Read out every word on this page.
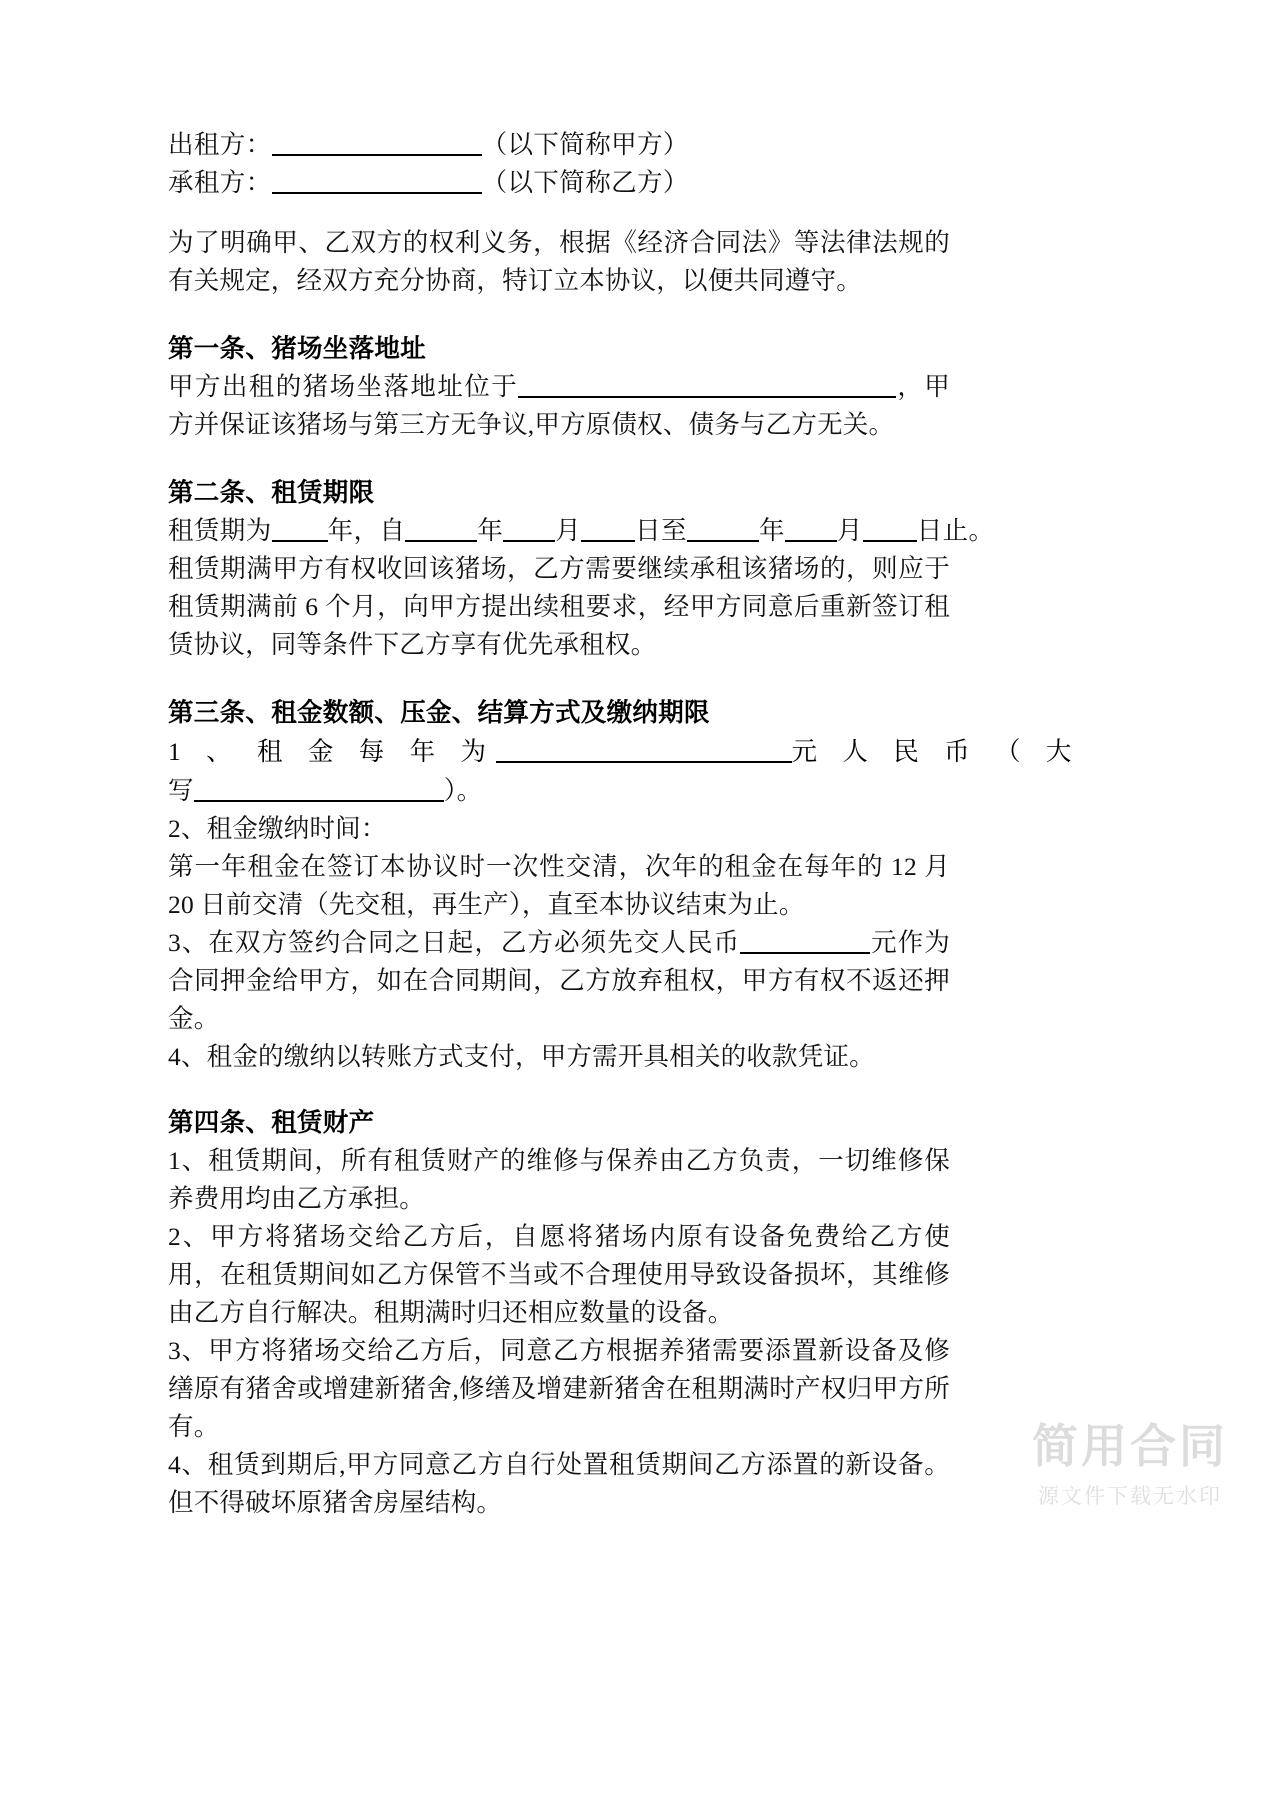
出租方：	（以下简称甲方）
承租方：	（以下简称乙方）
为了明确甲、乙双方的权利义务，根据《经济合同法》等法律法规的有关规定，经双方充分协商，特订立本协议，以便共同遵守。
第一条、猪场坐落地址
甲方出租的猪场坐落地址位于	，甲方并保证该猪场与第三方无争议,甲方原债权、债务与乙方无关。
第二条、租赁期限
租赁期为 年，自	年 月 日至	年 月 日止。
租赁期满甲方有权收回该猪场，乙方需要继续承租该猪场的，则应于租赁期满前 6 个月，向甲方提出续租要求，经甲方同意后重新签订租赁协议，同等条件下乙方享有优先承租权。
第三条、租金数额、压金、结算方式及缴纳期限
1 、 租 金 每 年 为	元 人 民 币 （ 大
写	）。
2、租金缴纳时间：
第一年租金在签订本协议时一次性交清，次年的租金在每年的 12 月 20 日前交清（先交租，再生产），直至本协议结束为止。
3、在双方签约合同之日起，乙方必须先交人民币	元作为合同押金给甲方，如在合同期间，乙方放弃租权，甲方有权不返还押金。
4、租金的缴纳以转账方式支付，甲方需开具相关的收款凭证。
第四条、租赁财产
1、租赁期间，所有租赁财产的维修与保养由乙方负责，一切维修保养费用均由乙方承担。
2、甲方将猪场交给乙方后，自愿将猪场内原有设备免费给乙方使用，在租赁期间如乙方保管不当或不合理使用导致设备损坏，其维修由乙方自行解决。租期满时归还相应数量的设备。
3、甲方将猪场交给乙方后，同意乙方根据养猪需要添置新设备及修缮原有猪舍或增建新猪舍,修缮及增建新猪舍在租期满时产权归甲方所有。
4、租赁到期后,甲方同意乙方自行处置租赁期间乙方添置的新设备。但不得破坏原猪舍房屋结构。
简用合同
源文件下载无水印
